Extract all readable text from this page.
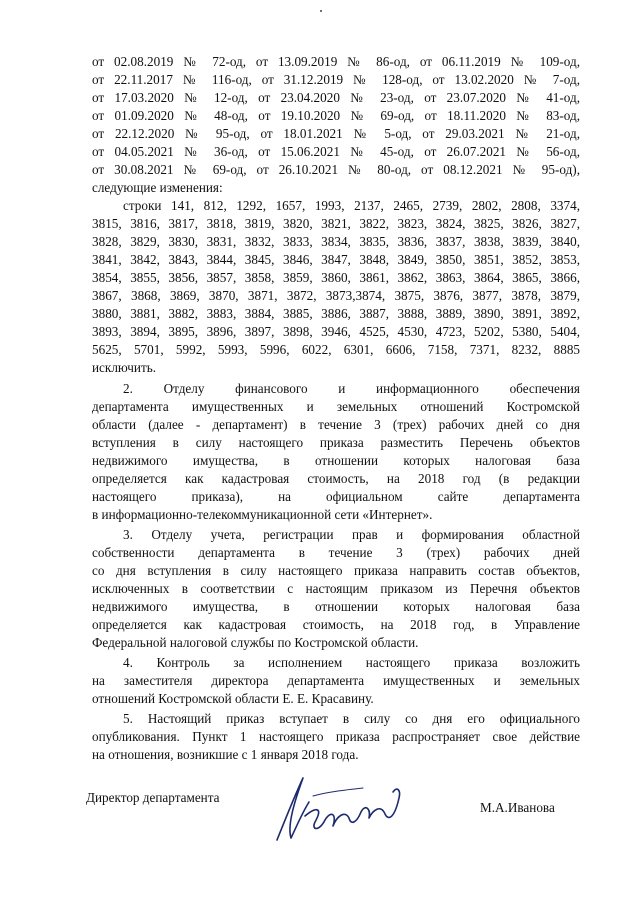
от 02.08.2019 № 72-од, от 13.09.2019 № 86-од, от 06.11.2019 № 109-од,
от 22.11.2017 № 116-од, от 31.12.2019 № 128-од, от 13.02.2020 № 7-од,
от 17.03.2020 № 12-од, от 23.04.2020 № 23-од, от 23.07.2020 № 41-од,
от 01.09.2020 № 48-од, от 19.10.2020 № 69-од, от 18.11.2020 № 83-од,
от 22.12.2020 № 95-од, от 18.01.2021 № 5-од, от 29.03.2021 № 21-од,
от 04.05.2021 № 36-од, от 15.06.2021 № 45-од, от 26.07.2021 № 56-од,
от 30.08.2021 № 69-од, от 26.10.2021 № 80-од, от 08.12.2021 № 95-од),
следующие изменения:
строки 141, 812, 1292, 1657, 1993, 2137, 2465, 2739, 2802, 2808, 3374,
3815, 3816, 3817, 3818, 3819, 3820, 3821, 3822, 3823, 3824, 3825, 3826, 3827,
3828, 3829, 3830, 3831, 3832, 3833, 3834, 3835, 3836, 3837, 3838, 3839, 3840,
3841, 3842, 3843, 3844, 3845, 3846, 3847, 3848, 3849, 3850, 3851, 3852, 3853,
3854, 3855, 3856, 3857, 3858, 3859, 3860, 3861, 3862, 3863, 3864, 3865, 3866,
3867, 3868, 3869, 3870, 3871, 3872, 3873,3874, 3875, 3876, 3877, 3878, 3879,
3880, 3881, 3882, 3883, 3884, 3885, 3886, 3887, 3888, 3889, 3890, 3891, 3892,
3893, 3894, 3895, 3896, 3897, 3898, 3946, 4525, 4530, 4723, 5202, 5380, 5404,
5625, 5701, 5992, 5993, 5996, 6022, 6301, 6606, 7158, 7371, 8232, 8885
исключить.
2. Отделу финансового и информационного обеспечения
департамента имущественных и земельных отношений Костромской
области (далее - департамент) в течение 3 (трех) рабочих дней со дня
вступления в силу настоящего приказа разместить Перечень объектов
недвижимого имущества, в отношении которых налоговая база
определяется как кадастровая стоимость, на 2018 год (в редакции
настоящего приказа), на официальном сайте департамента
в информационно-телекоммуникационной сети «Интернет».
3. Отделу учета, регистрации прав и формирования областной
собственности департамента в течение 3 (трех) рабочих дней
со дня вступления в силу настоящего приказа направить состав объектов,
исключенных в соответствии с настоящим приказом из Перечня объектов
недвижимого имущества, в отношении которых налоговая база
определяется как кадастровая стоимость, на 2018 год, в Управление
Федеральной налоговой службы по Костромской области.
4. Контроль за исполнением настоящего приказа возложить
на заместителя директора департамента имущественных и земельных
отношений Костромской области Е. Е. Красавину.
5. Настоящий приказ вступает в силу со дня его официального
опубликования. Пункт 1 настоящего приказа распространяет свое действие
на отношения, возникшие с 1 января 2018 года.
Директор департамента
М.А.Иванова
